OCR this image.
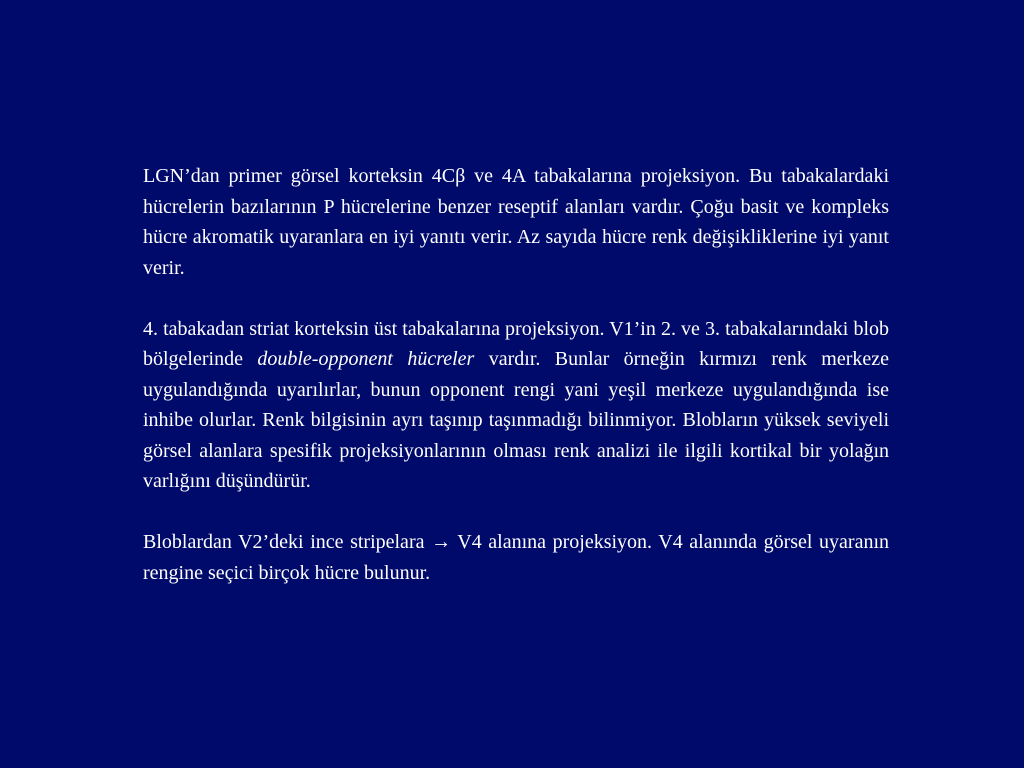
LGN’dan primer görsel korteksin 4Cβ ve 4A tabakalarına projeksiyon. Bu tabakalardaki hücrelerin bazılarının P hücrelerine benzer reseptif alanları vardır. Çoğu basit ve kompleks hücre akromatik uyaranlara en iyi yanıtı verir. Az sayıda hücre renk değişikliklerine iyi yanıt verir.

4. tabakadan striat korteksin üst tabakalarına projeksiyon. V1’in 2. ve 3. tabakalarındaki blob bölgelerinde double-opponent hücreler vardır. Bunlar örneğin kırmızı renk merkeze uygulandığında uyarılırlar, bunun opponent rengi yani yeşil merkeze uygulandığında ise inhibe olurlar. Renk bilgisinin ayrı taşınıp taşınmadığı bilinmiyor. Blobların yüksek seviyeli görsel alanlara spesifik projeksiyonlarının olması renk analizi ile ilgili kortikal bir yolağın varlığını düşündürür.

Bloblardan V2’deki ince stripelara → V4 alanına projeksiyon. V4 alanında görsel uyaranın rengine seçici birçok hücre bulunur.
